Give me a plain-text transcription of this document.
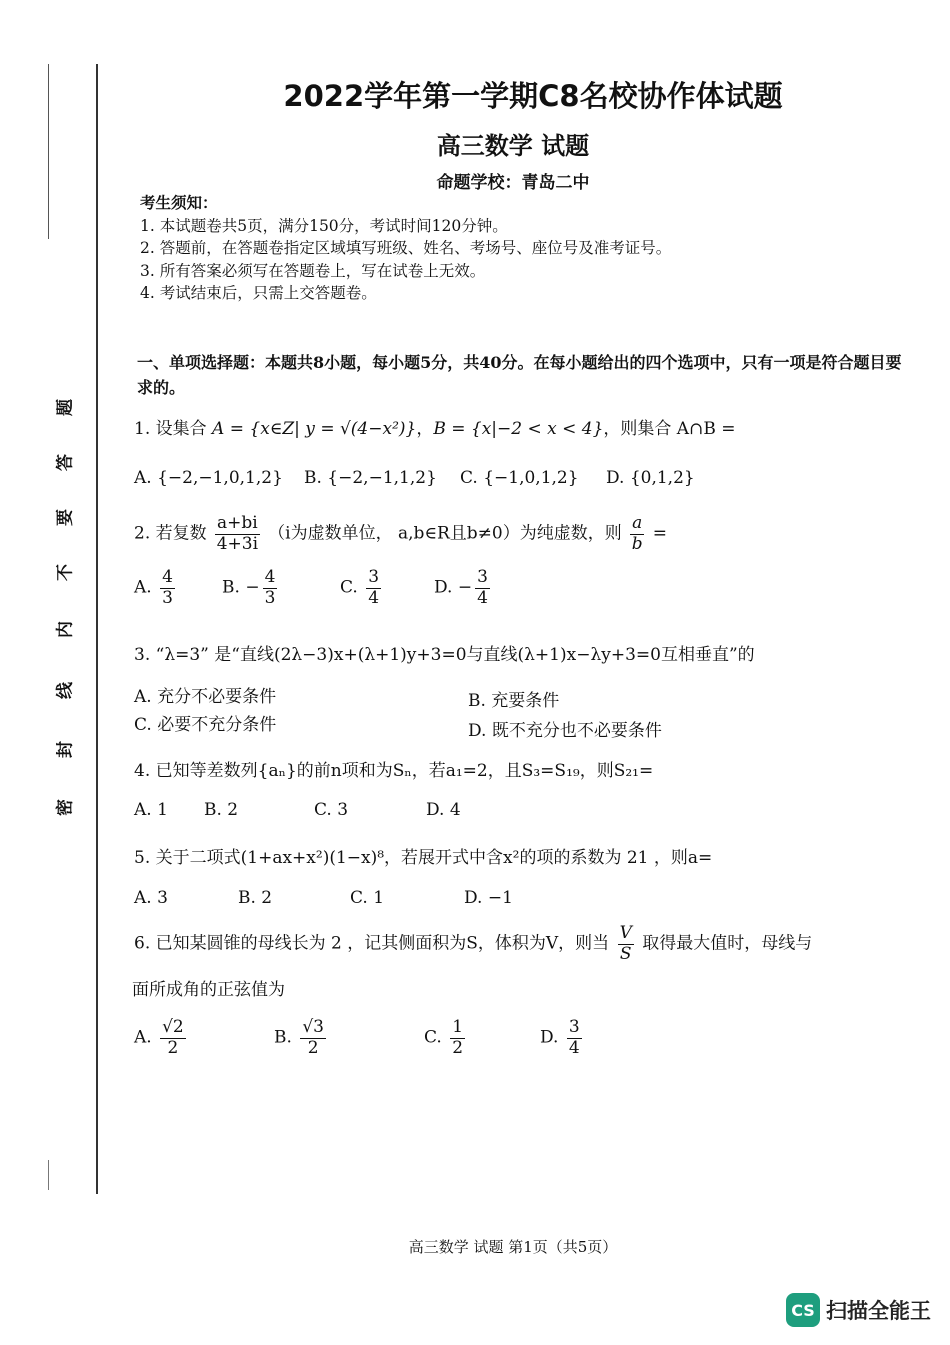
题
答
要
不
内
线
封
密
2022学年第一学期C8名校协作体试题
高三数学 试题
命题学校：青岛二中
考生须知：
1. 本试题卷共5页，满分150分，考试时间120分钟。
2. 答题前，在答题卷指定区域填写班级、姓名、考场号、座位号及准考证号。
3. 所有答案必须写在答题卷上，写在试卷上无效。
4. 考试结束后，只需上交答题卷。
一、单项选择题：本题共8小题，每小题5分，共40分。在每小题给出的四个选项中，只有一项是符合题目要求的。
1. 设集合 A = {x∈Z| y = √(4−x²)}，B = {x|−2 < x < 4}，则集合 A∩B =
A. {−2,−1,0,1,2} B. {−2,−1,1,2} C. {−1,0,1,2} D. {0,1,2}
2. 若复数 $\frac{a+bi}{4+3i} (i$为虚数单位， a,b∈R且b≠0）为纯虚数，则 $\frac{a}{b}$ =
A. $\frac{4}{3}$	B. − $\frac{4}{3}$	C. $\frac{3}{4}$	D. − $\frac{3}{4}$
3. “λ=3” 是“直线(2λ−3)x+(λ+1)y+3=0与直线(λ+1)x−λy+3=0互相垂直”的
A. 充分不必要条件	B. 充要条件
C. 必要不充分条件	D. 既不充分也不必要条件
4. 已知等差数列{aₙ}的前n项和为Sₙ，若a₁=2，且S₃=S₁₉，则S₂₁=
A. 1 B. 2	C. 3	D. 4
5. 关于二项式(1+ax+x²)(1−x)⁸，若展开式中含x²的项的系数为 21 ，则a=
A. 3	B. 2	C. 1	D. −1
6. 已知某圆锥的母线长为 2 ，记其侧面积为S，体积为V，则当 $\frac{V}{S}$ 取得最大值时，母线与
面所成角的正弦值为
A. $\frac{√2}{2}$	B. $\frac{√3}{2}$	C. $\frac{1}{2}$	D. $\frac{3}{4}$
高三数学 试题 第1页（共5页）
CS 扫描全能王
